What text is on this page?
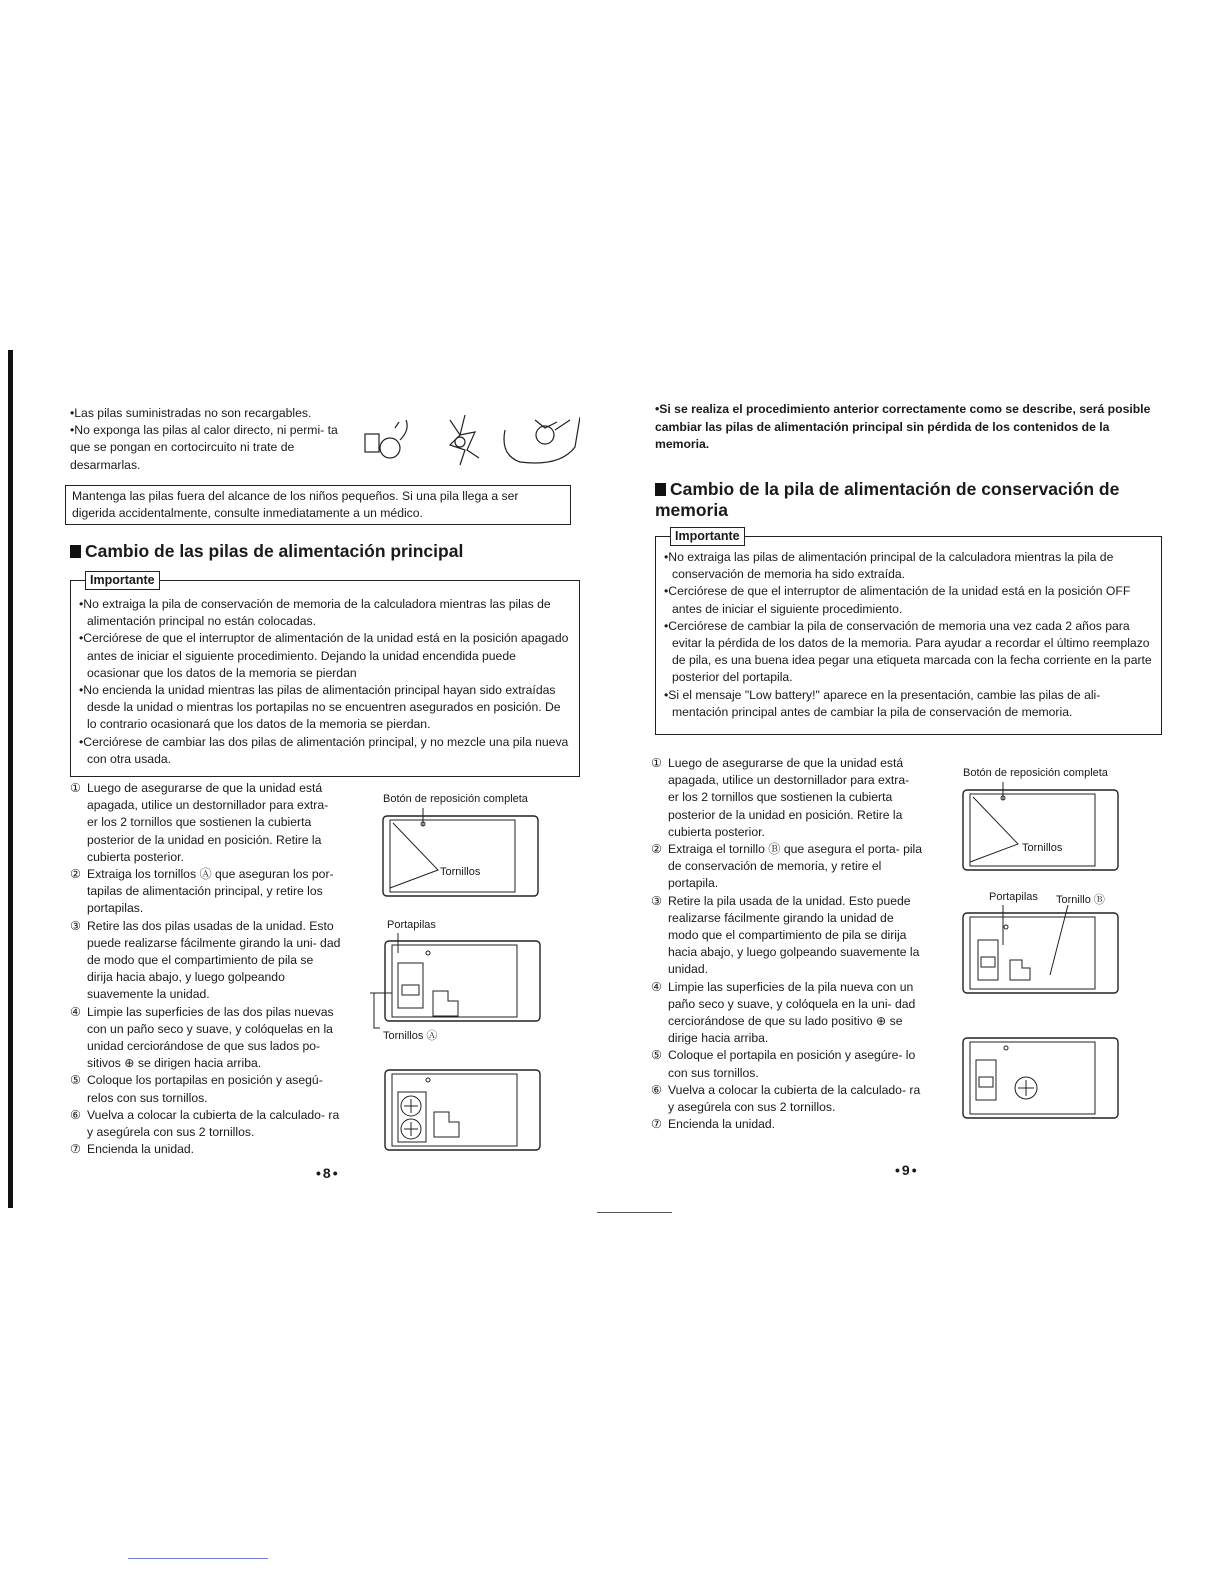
•Las pilas suministradas no son recargables.
•No exponga las pilas al calor directo, ni permi- ta que se pongan en cortocircuito ni trate de desarmarlas.
Mantenga las pilas fuera del alcance de los niños pequeños. Si una pila llega a ser digerida accidentalmente, consulte inmediatamente a un médico.
Cambio de las pilas de alimentación principal
Importante
•No extraiga la pila de conservación de memoria de la calculadora mientras las pilas de alimentación principal no están colocadas.
•Cerciórese de que el interruptor de alimentación de la unidad está en la posición apagado antes de iniciar el siguiente procedimiento. Dejando la unidad encendida puede ocasionar que los datos de la memoria se pierdan
•No encienda la unidad mientras las pilas de alimentación principal hayan sido extraídas desde la unidad o mientras los portapilas no se encuentren asegurados en posición. De lo contrario ocasionará que los datos de la memoria se pierdan.
•Cerciórese de cambiar las dos pilas de alimentación principal, y no mezcle una pila nueva con otra usada.
① Luego de asegurarse de que la unidad está apagada, utilice un destornillador para extra- er los 2 tornillos que sostienen la cubierta posterior de la unidad en posición. Retire la cubierta posterior.
② Extraiga los tornillos Ⓐ que aseguran los por- tapilas de alimentación principal, y retire los portapilas.
③ Retire las dos pilas usadas de la unidad. Esto puede realizarse fácilmente girando la uni- dad de modo que el compartimiento de pila se dirija hacia abajo, y luego golpeando suavemente la unidad.
④ Limpie las superficies de las dos pilas nuevas con un paño seco y suave, y colóquelas en la unidad cerciorándose de que sus lados po- sitivos ⊕ se dirigen hacia arriba.
⑤ Coloque los portapilas en posición y asegú- relos con sus tornillos.
⑥ Vuelva a colocar la cubierta de la calculado- ra y asegúrela con sus 2 tornillos.
⑦ Encienda la unidad.
Botón de reposición completa
Tornillos
Portapilas
Tornillos Ⓐ
•8•
•Si se realiza el procedimiento anterior correctamente como se describe, será posible cambiar las pilas de alimentación principal sin pérdida de los contenidos de la memoria.
Cambio de la pila de alimentación de conservación de memoria
Importante
•No extraiga las pilas de alimentación principal de la calculadora mientras la pila de conservación de memoria ha sido extraída.
•Cerciórese de que el interruptor de alimentación de la unidad está en la posición OFF antes de iniciar el siguiente procedimiento.
•Cerciórese de cambiar la pila de conservación de memoria una vez cada 2 años para evitar la pérdida de los datos de la memoria. Para ayudar a recordar el último reemplazo de pila, es una buena idea pegar una etiqueta marcada con la fecha corriente en la parte posterior del portapila.
•Si el mensaje "Low battery!" aparece en la presentación, cambie las pilas de ali- mentación principal antes de cambiar la pila de conservación de memoria.
① Luego de asegurarse de que la unidad está apagada, utilice un destornillador para extra- er los 2 tornillos que sostienen la cubierta posterior de la unidad en posición. Retire la cubierta posterior.
② Extraiga el tornillo Ⓑ que asegura el porta- pila de conservación de memoria, y retire el portapila.
③ Retire la pila usada de la unidad. Esto puede realizarse fácilmente girando la unidad de modo que el compartimiento de pila se dirija hacia abajo, y luego golpeando suavemente la unidad.
④ Limpie las superficies de la pila nueva con un paño seco y suave, y colóquela en la uni- dad cerciorándose de que su lado positivo ⊕ se dirige hacia arriba.
⑤ Coloque el portapila en posición y asegúre- lo con sus tornillos.
⑥ Vuelva a colocar la cubierta de la calculado- ra y asegúrela con sus 2 tornillos.
⑦ Encienda la unidad.
Botón de reposición completa
Tornillos
Portapilas Tornillo Ⓑ
•9•
